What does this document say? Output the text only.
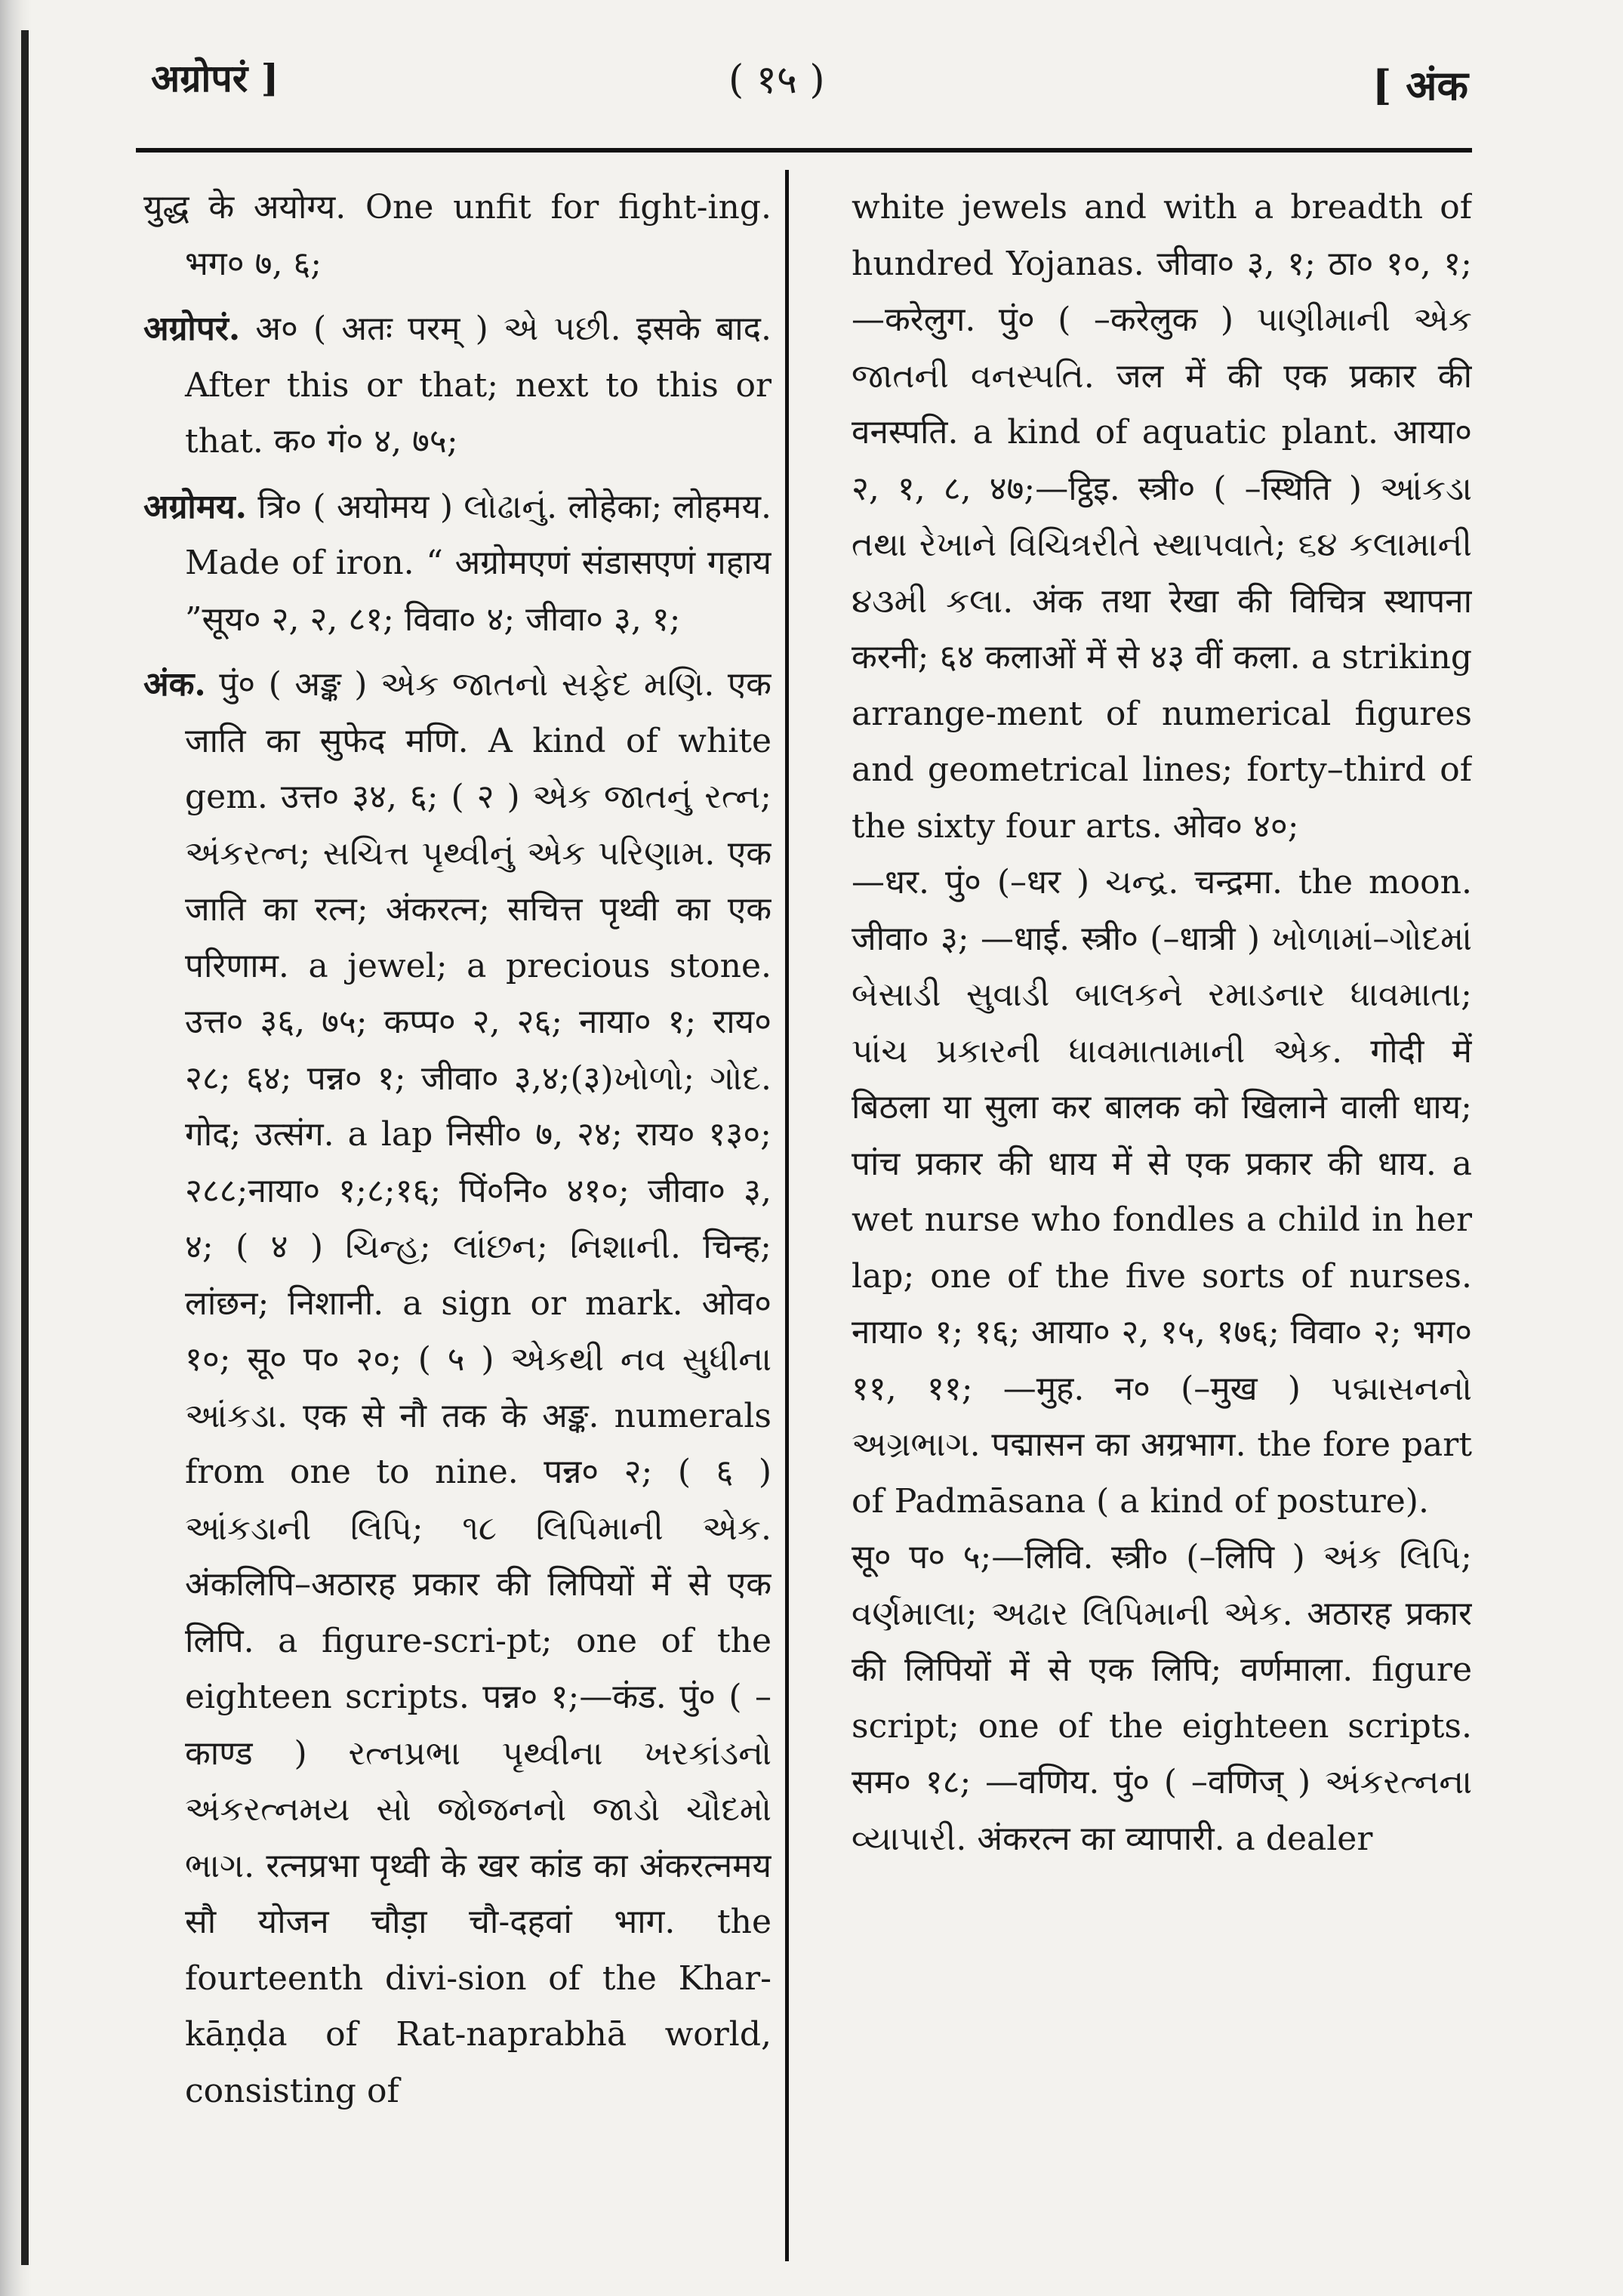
अग्रोपरं ]	( १५ )	[ अंक

युद्ध के अयोग्य. One unfit for fight-ing. भग० ७, ६;

अग्रोपरं. अ० ( अतः परम् ) એ પછી. इसके बाद. After this or that; next to this or that. क० गं० ४, ७५;

अग्रोमय. त्रि० ( अयोमय ) લોઢાનું. लोहेका; लोहमय. Made of iron. “ अग्रोमएणं संडासएणं गहाय ”सूय० २, २, ८१; विवा० ४; जीवा० ३, १;

अंक. पुं० ( अङ्क ) એક જાતનો સફેદ મણિ. एक जाति का सुफेद मणि. A kind of white gem. उत्त० ३४, ६; ( २ ) એક જાતનું રત્ન; અંકરત્ન; સચિત્ત પૃથ્વીનું એક પરિણામ. एक जाति का रत्न; अंकरत्न; सचित्त पृथ्वी का एक परिणाम. a jewel; a precious stone. उत्त० ३६, ७५; कप्प० २, २६; नाया० १; राय० २८; ६४; पन्न० १; जीवा० ३,४;(३)ખોળો; ગોદ. गोद; उत्संग. a lap निसी० ७, २४; राय० १३०; २८८;नाया० १;८;१६; पिं०नि० ४१०; जीवा० ३, ४; ( ४ ) ચિન્હ; લાંછન; નિશાની. चिन्ह; लांछन; निशानी. a sign or mark. ओव० १०; सू० प० २०; ( ५ ) એકથી નવ સુધીના આંકડા. एक से नौ तक के अङ्क. numerals from one to nine. पन्न० २; ( ६ ) આંકડાની લિપિ; ૧૮ લિપિમાની એક. अंकलिपि–अठारह प्रकार की लिपियों में से एक लिपि. a figure-scri-pt; one of the eighteen scripts. पन्न० १;—कंड. पुं० ( –काण्ड ) રત્નપ્રભા પૃથ્વીના ખરકાંડનો અંકરત્નમય સો જોજનનો જાડો ચૌદમો ભાગ. रत्नप्रभा पृथ्वी के खर कांड का अंकरत्नमय सौ योजन चौड़ा चौ-दहवां भाग. the fourteenth divi-sion of the Khar-kāṇḍa of Rat-naprabhā world, consisting of

white jewels and with a breadth of hundred Yojanas. जीवा० ३, १; ठा० १०, १;—करेलुग. पुं० ( –करेलुक ) પાણીમાની એક જાતની વનસ્પતિ. जल में की एक प्रकार की वनस्पति. a kind of aquatic plant. आया० २, १, ८, ४७;—ट्ठिइ. स्त्री० ( –स्थिति ) આંકડા તથા રેખાને વિચિત્રરીતે સ્થાપવાતે; ૬૪ કલામાની ૪૩મી કલા. अंक तथा रेखा की विचित्र स्थापना करनी; ६४ कलाओं में से ४३ वीं कला. a striking arrange-ment of numerical figures and geometrical lines; forty–third of the sixty four arts. ओव० ४०;

—धर. पुं० (–धर ) ચન્દ્ર. चन्द्रमा. the moon. जीवा० ३; —धाई. स्त्री० (–धात्री ) ખોળામાં–ગોદમાં બેસાડી સુવાડી બાલકને રમાડનાર ધાવમાતા; પાંચ પ્રકારની ધાવમાતામાની એક. गोदी में बिठला या सुला कर बालक को खिलाने वाली धाय; पांच प्रकार की धाय में से एक प्रकार की धाय. a wet nurse who fondles a child in her lap; one of the five sorts of nurses. नाया० १; १६; आया० २, १५, १७६; विवा० २; भग० ११, ११; —मुह. न० (–मुख ) પદ્માસનનો અગ્રભાગ. पद्मासन का अग्रभाग. the fore part of Padmāsana ( a kind of posture).

सू० प० ५;—लिवि. स्त्री० (–लिपि ) અંક લિપિ; વર્ણમાલા; અઢાર લિપિમાની એક. अठारह प्रकार की लिपियों में से एक लिपि; वर्णमाला. figure script; one of the eighteen scripts. सम० १८; —वणिय. पुं० ( –वणिज् ) અંકરત્નના વ્યાપારી. अंकरत्न का व्यापारी. a dealer
